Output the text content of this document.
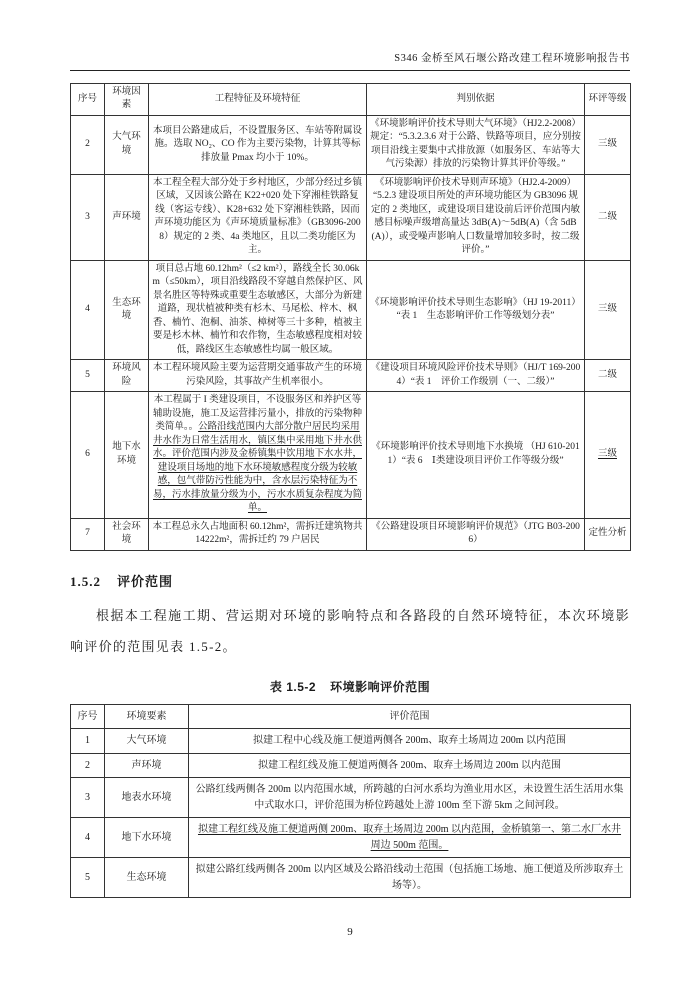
S346 金桥至风石堰公路改建工程环境影响报告书
序号	环境因素	工程特征及环境特征	判别依据	环评等级
2	大气环境	本项目公路建成后，不设置服务区、车站等附属设施。选取 NO₂、CO 作为主要污染物，计算其等标排放量 Pmax 均小于 10%。	《环境影响评价技术导则大气环境》（HJ2.2-2008）规定：“5.3.2.3.6 对于公路、铁路等项目，应分别按项目沿线主要集中式排放源（如服务区、车站等大气污染源）排放的污染物计算其评价等级。”	三级
3	声环境	本工程全程大部分处于乡村地区，少部分经过乡镇区域，又因该公路在 K22+020 处下穿湘桂铁路复线（客运专线）、K28+632 处下穿湘桂铁路，因而声环境功能区为《声环境质量标准》（GB3096-2008）规定的 2 类、4a 类地区，且以二类功能区为主。	《环境影响评价技术导则声环境》（HJ2.4-2009）“5.2.3 建设项目所处的声环境功能区为 GB3096 规定的 2 类地区，或建设项目建设前后评价范围内敏感目标噪声级增高量达 3dB(A)～5dB(A)（含 5dB(A)），或受噪声影响人口数量增加较多时，按二级评价。”	二级
4	生态环境	项目总占地 60.12hm²（≤2 km²），路线全长 30.06km（≤50km），项目沿线路段不穿越自然保护区、风景名胜区等特殊或重要生态敏感区，大部分为新建道路，现状植被种类有杉木、马尾松、梓木、枫香、楠竹、泡桐、油茶、樟树等三十多种，植被主要是杉木林、楠竹和农作物，生态敏感程度相对较低，路线区生态敏感性均属一般区域。	《环境影响评价技术导则生态影响》（HJ 19-2011）“表 1　生态影响评价工作等级划分表”	三级
5	环境风险	本工程环境风险主要为运营期交通事故产生的环境污染风险，其事故产生机率很小。	《建设项目环境风险评价技术导则》（HJ/T 169-2004）“表 1　评价工作级别（一、二级）”	二级
6	地下水环境	本工程属于 I 类建设项目，不设服务区和养护区等辅助设施，施工及运营排污量小，排放的污染物种类简单。。公路沿线范围内大部分散户居民均采用井水作为日常生活用水，镇区集中采用地下井水供水。评价范围内涉及金桥镇集中饮用地下水水井，建设项目场地的地下水环境敏感程度分级为较敏感，包气带防污性能为中，含水层污染特征为不易，污水排放量分级为小，污水水质复杂程度为简单。	《环境影响评价技术导则地下水换境 （HJ 610-2011）“表 6　Ⅰ类建设项目评价工作等级分级”	三级
7	社会环境	本工程总永久占地面积 60.12hm²，需拆迁建筑物共 14222m²，需拆迁约 79 户居民	《公路建设项目环境影响评价规范》（JTG B03-2006）	定性分析
1.5.2 评价范围
根据本工程施工期、营运期对环境的影响特点和各路段的自然环境特征，本次环境影响评价的范围见表 1.5-2。
表 1.5-2 环境影响评价范围
序号	环境要素	评价范围
1	大气环境	拟建工程中心线及施工便道两侧各 200m、取弃土场周边 200m 以内范围
2	声环境	拟建工程红线及施工便道两侧各 200m、取弃土场周边 200m 以内范围
3	地表水环境	公路红线两侧各 200m 以内范围水域，所跨越的白河水系均为渔业用水区，未设置生活生活用水集中式取水口，评价范围为桥位跨越处上游 100m 至下游 5km 之间河段。
4	地下水环境	拟建工程红线及施工便道两侧 200m、取弃土场周边 200m 以内范围，金桥镇第一、第二水厂水井周边 500m 范围。
5	生态环境	拟建公路红线两侧各 200m 以内区域及公路沿线动土范围（包括施工场地、施工便道及所涉取弃土场等）。
9
